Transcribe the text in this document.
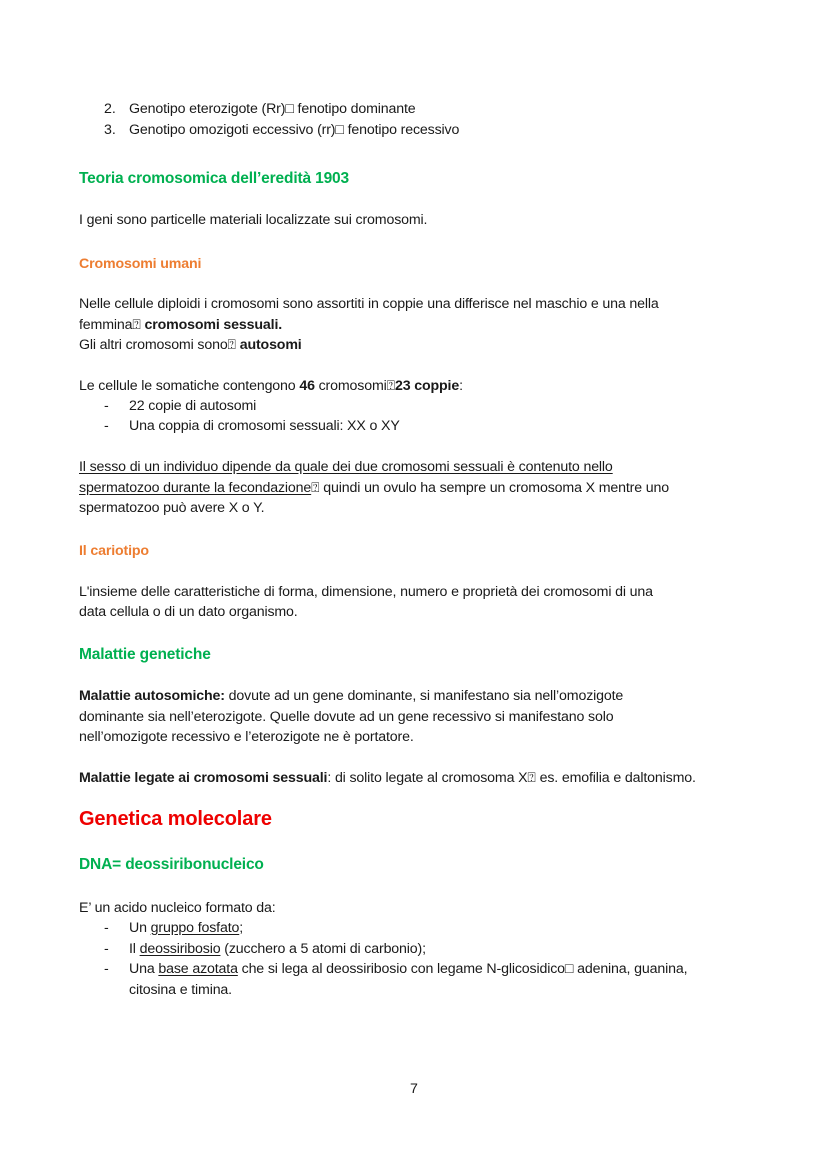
2. Genotipo eterozigote (Rr)□ fenotipo dominante
3. Genotipo omozigoti eccessivo (rr)□ fenotipo recessivo
Teoria cromosomica dell’eredità 1903
I geni sono particelle materiali localizzate sui cromosomi.
Cromosomi umani
Nelle cellule diploidi i cromosomi sono assortiti in coppie una differisce nel maschio e una nella
femmina⍰ cromosomi sessuali.
Gli altri cromosomi sono⍰ autosomi
Le cellule le somatiche contengono 46 cromosomi⍰23 coppie:
- 22 copie di autosomi
- Una coppia di cromosomi sessuali: XX o XY
Il sesso di un individuo dipende da quale dei due cromosomi sessuali è contenuto nello
spermatozoo durante la fecondazione⍰ quindi un ovulo ha sempre un cromosoma X mentre uno
spermatozoo può avere X o Y.
Il cariotipo
L'insieme delle caratteristiche di forma, dimensione, numero e proprietà dei cromosomi di una
data cellula o di un dato organismo.
Malattie genetiche
Malattie autosomiche: dovute ad un gene dominante, si manifestano sia nell’omozigote
dominante sia nell’eterozigote. Quelle dovute ad un gene recessivo si manifestano solo
nell’omozigote recessivo e l’eterozigote ne è portatore.
Malattie legate ai cromosomi sessuali: di solito legate al cromosoma X⍰ es. emofilia e daltonismo.
Genetica molecolare
DNA= deossiribonucleico
E’ un acido nucleico formato da:
- Un gruppo fosfato;
- Il deossiribosio (zucchero a 5 atomi di carbonio);
- Una base azotata che si lega al deossiribosio con legame N-glicosidico□ adenina, guanina,
citosina e timina.
7
